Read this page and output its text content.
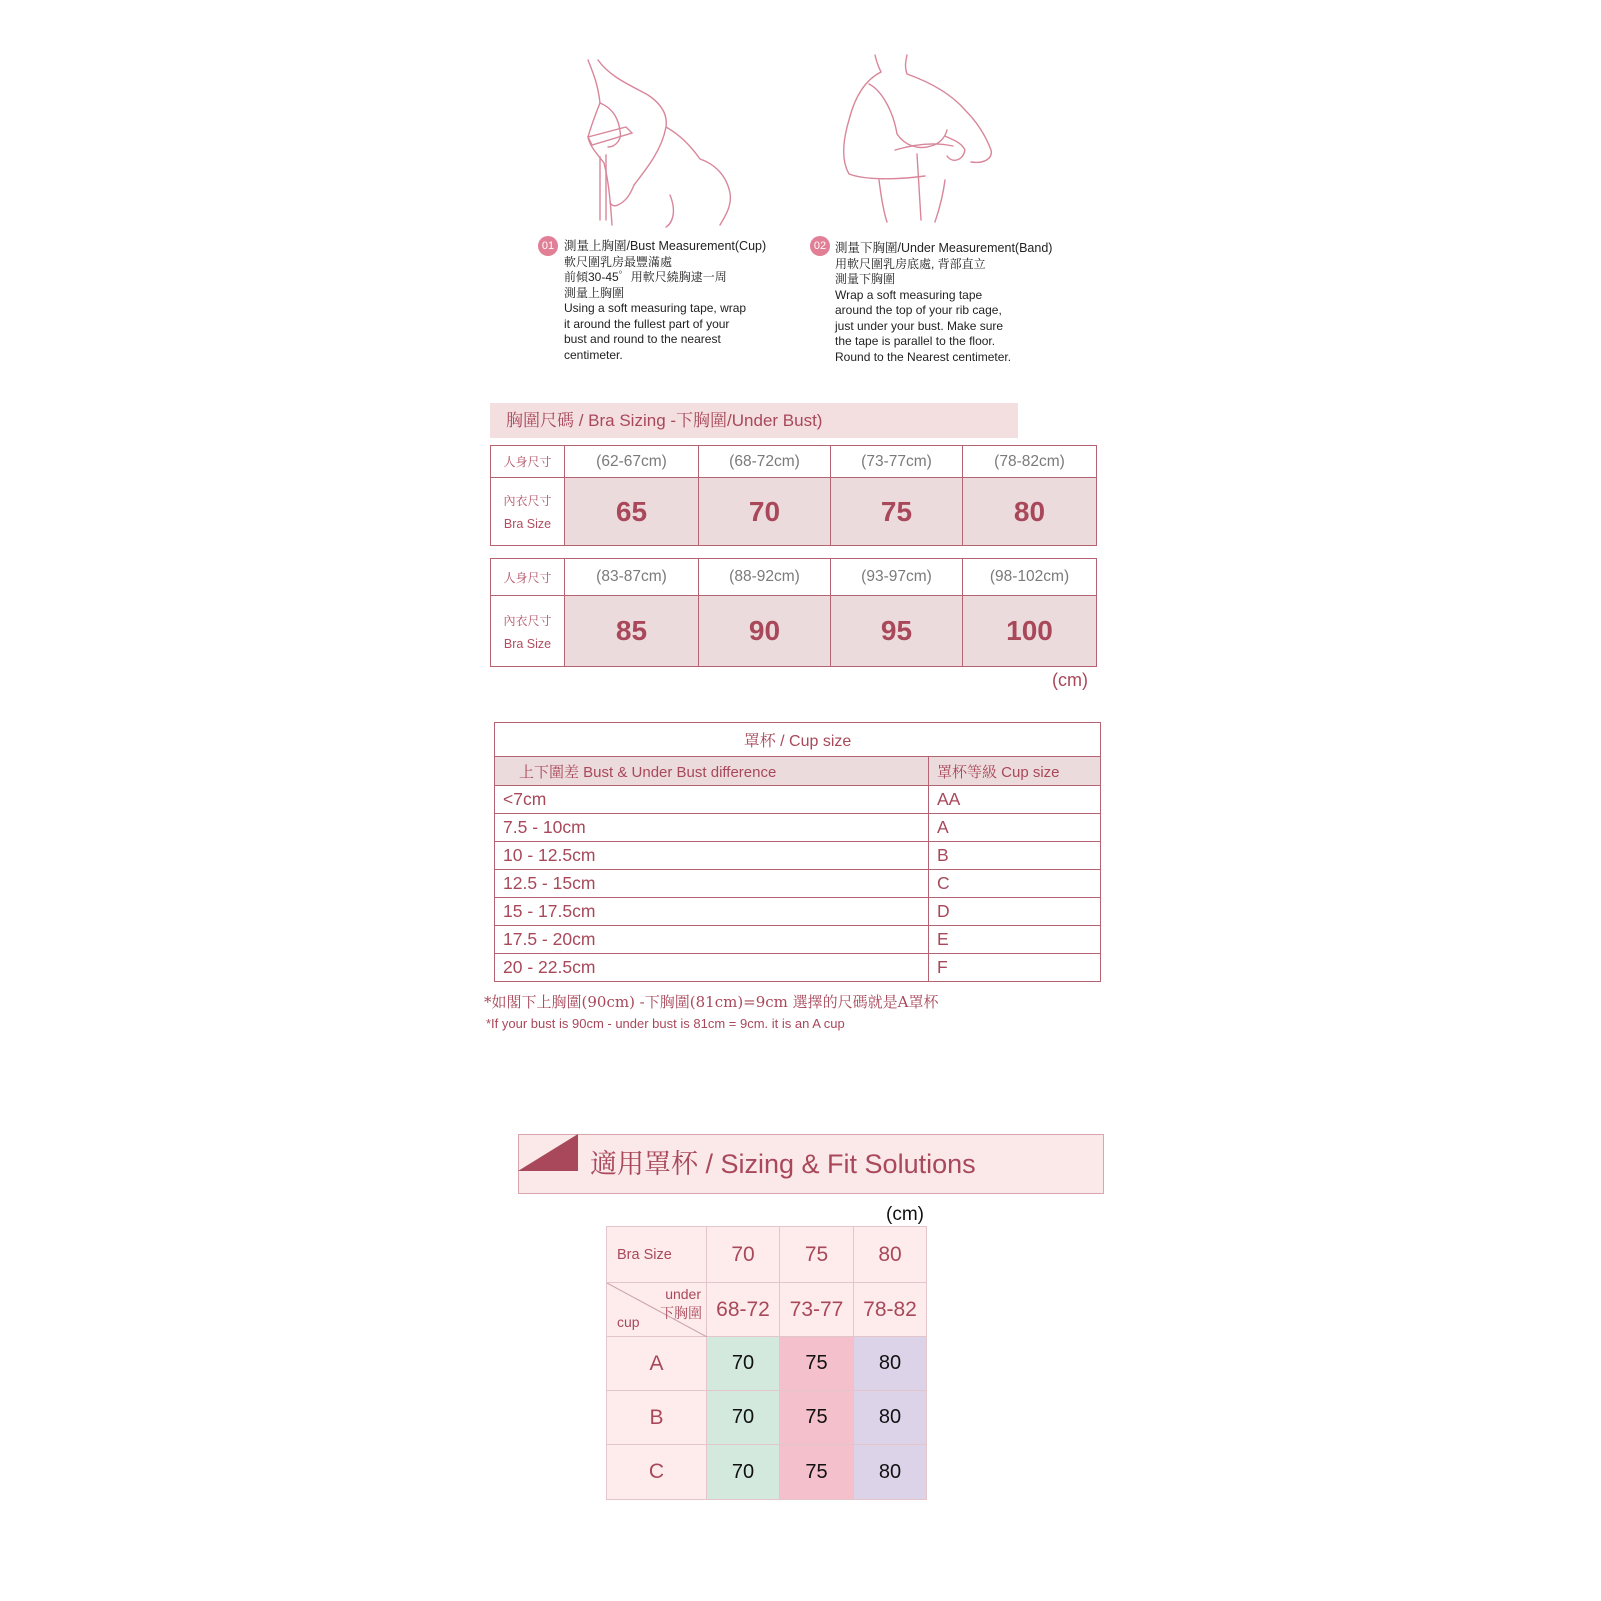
01 測量上胸圍/Bust Measurement(Cup)
軟尺圍乳房最豐滿處
前傾30-45゜用軟尺繞胸逮一周
測量上胸圍
Using a soft measuring tape, wrap
it around the fullest part of your
bust and round to the nearest
centimeter.
02 測量下胸圍/Under Measurement(Band)
用軟尺圍乳房底處, 背部直立
測量下胸圍
Wrap a soft measuring tape
around the top of your rib cage,
just under your bust. Make sure
the tape is parallel to the floor.
Round to the Nearest centimeter.
胸圍尺碼 / Bra Sizing -下胸圍/Under Bust)
人身尺寸	(62-67cm)	(68-72cm)	(73-77cm)	(78-82cm)
內衣尺寸
Bra Size	65	70	75	80
人身尺寸	(83-87cm)	(88-92cm)	(93-97cm)	(98-102cm)
內衣尺寸
Bra Size	85	90	95	100
(cm)
罩杯 / Cup size	
上下圍差 Bust & Under Bust difference	罩杯等級 Cup size
<7cm	AA
7.5 - 10cm	A
10 - 12.5cm	B
12.5 - 15cm	C
15 - 17.5cm	D
17.5 - 20cm	E
20 - 22.5cm	F
*如閣下上胸圍(90cm) -下胸圍(81cm)=9cm 選擇的尺碼就是A罩杯
*If your bust is 90cm - under bust is 81cm = 9cm. it is an A cup
適用罩杯 / Sizing & Fit Solutions
(cm)
Bra Size	70	75	80

under
下胸圍
cup	68-72	73-77	78-82
A	70	75	80
B	70	75	80
C	70	75	80
